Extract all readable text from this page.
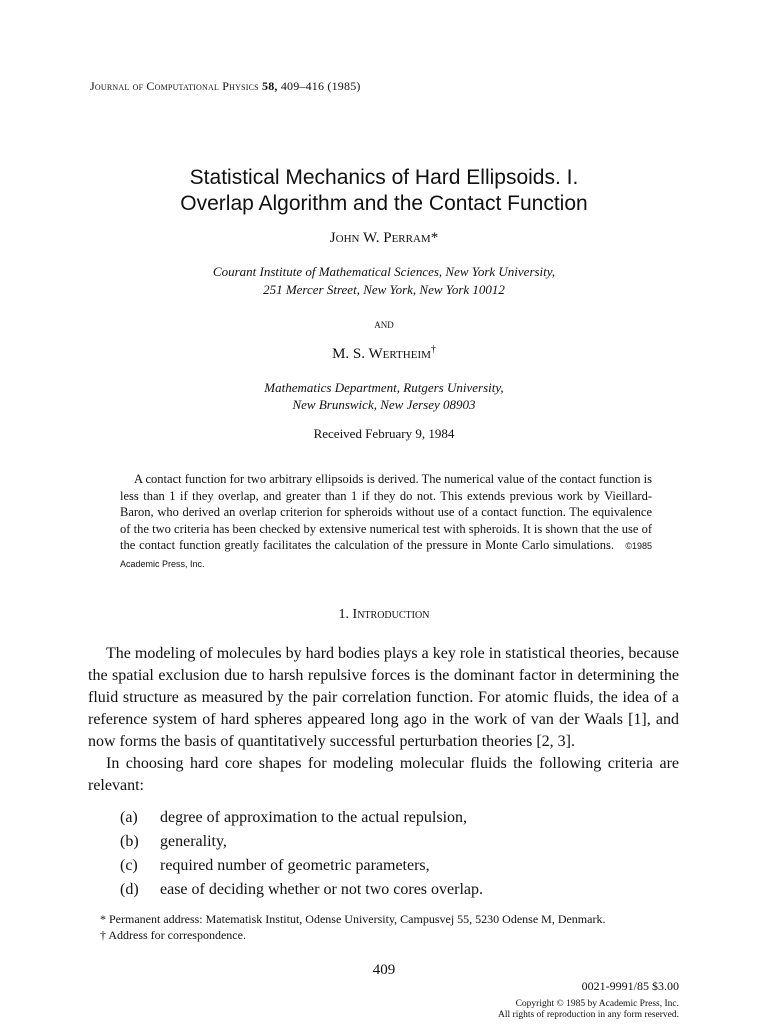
Journal of Computational Physics 58, 409–416 (1985)
Statistical Mechanics of Hard Ellipsoids. I.
Overlap Algorithm and the Contact Function
John W. Perram*
Courant Institute of Mathematical Sciences, New York University,
251 Mercer Street, New York, New York 10012
and
M. S. Wertheim†
Mathematics Department, Rutgers University,
New Brunswick, New Jersey 08903
Received February 9, 1984

A contact function for two arbitrary ellipsoids is derived. The numerical value of the contact function is less than 1 if they overlap, and greater than 1 if they do not. This extends previous work by Vieillard-Baron, who derived an overlap criterion for spheroids without use of a contact function. The equivalence of the two criteria has been checked by extensive numerical test with spheroids. It is shown that the use of the contact function greatly facilitates the calculation of the pressure in Monte Carlo simulations. ©1985 Academic Press, Inc.

1. Introduction

The modeling of molecules by hard bodies plays a key role in statistical theories, because the spatial exclusion due to harsh repulsive forces is the dominant factor in determining the fluid structure as measured by the pair correlation function. For atomic fluids, the idea of a reference system of hard spheres appeared long ago in the work of van der Waals [1], and now forms the basis of quantitatively successful perturbation theories [2, 3].

In choosing hard core shapes for modeling molecular fluids the following criteria are relevant:

(a)	degree of approximation to the actual repulsion,
(b)	generality,
(c)	required number of geometric parameters,
(d)	ease of deciding whether or not two cores overlap.

* Permanent address: Matematisk Institut, Odense University, Campusvej 55, 5230 Odense M, Denmark.

† Address for correspondence.

409
0021-9991/85 $3.00
Copyright © 1985 by Academic Press, Inc.
All rights of reproduction in any form reserved.
